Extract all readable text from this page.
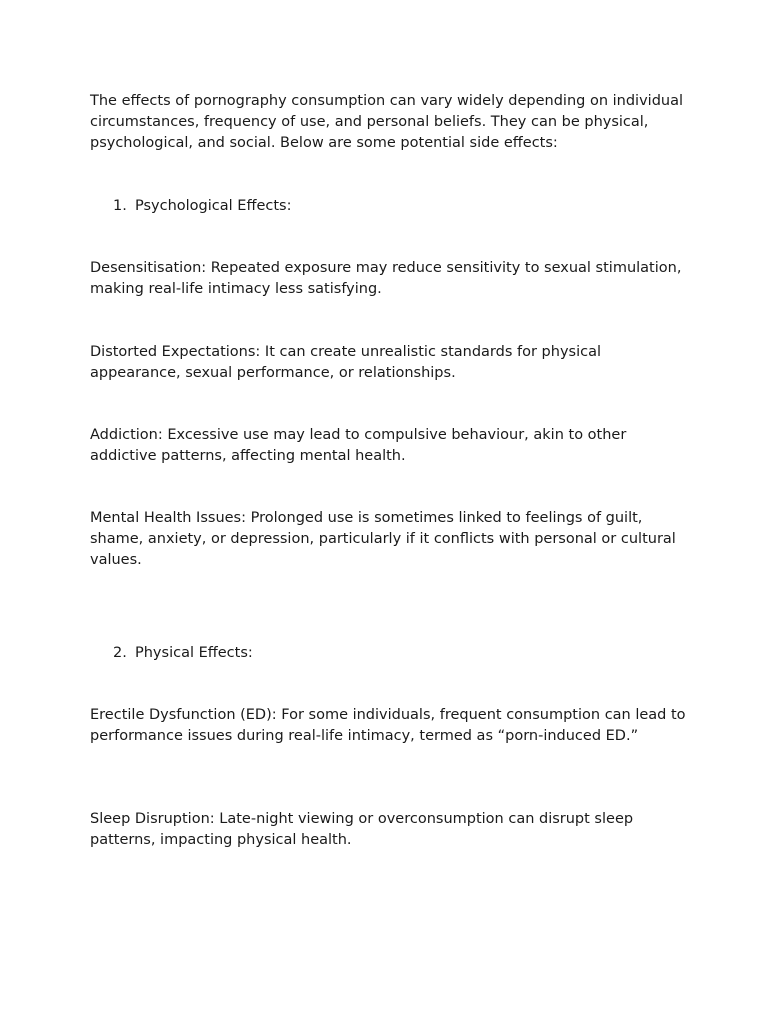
The effects of pornography consumption can vary widely depending on individual circumstances, frequency of use, and personal beliefs. They can be physical, psychological, and social. Below are some potential side effects:

1. Psychological Effects:

Desensitisation: Repeated exposure may reduce sensitivity to sexual stimulation, making real-life intimacy less satisfying.

Distorted Expectations: It can create unrealistic standards for physical appearance, sexual performance, or relationships.

Addiction: Excessive use may lead to compulsive behaviour, akin to other addictive patterns, affecting mental health.

Mental Health Issues: Prolonged use is sometimes linked to feelings of guilt, shame, anxiety, or depression, particularly if it conflicts with personal or cultural values.

2. Physical Effects:

Erectile Dysfunction (ED): For some individuals, frequent consumption can lead to performance issues during real-life intimacy, termed as “porn-induced ED.”

Sleep Disruption: Late-night viewing or overconsumption can disrupt sleep patterns, impacting physical health.
